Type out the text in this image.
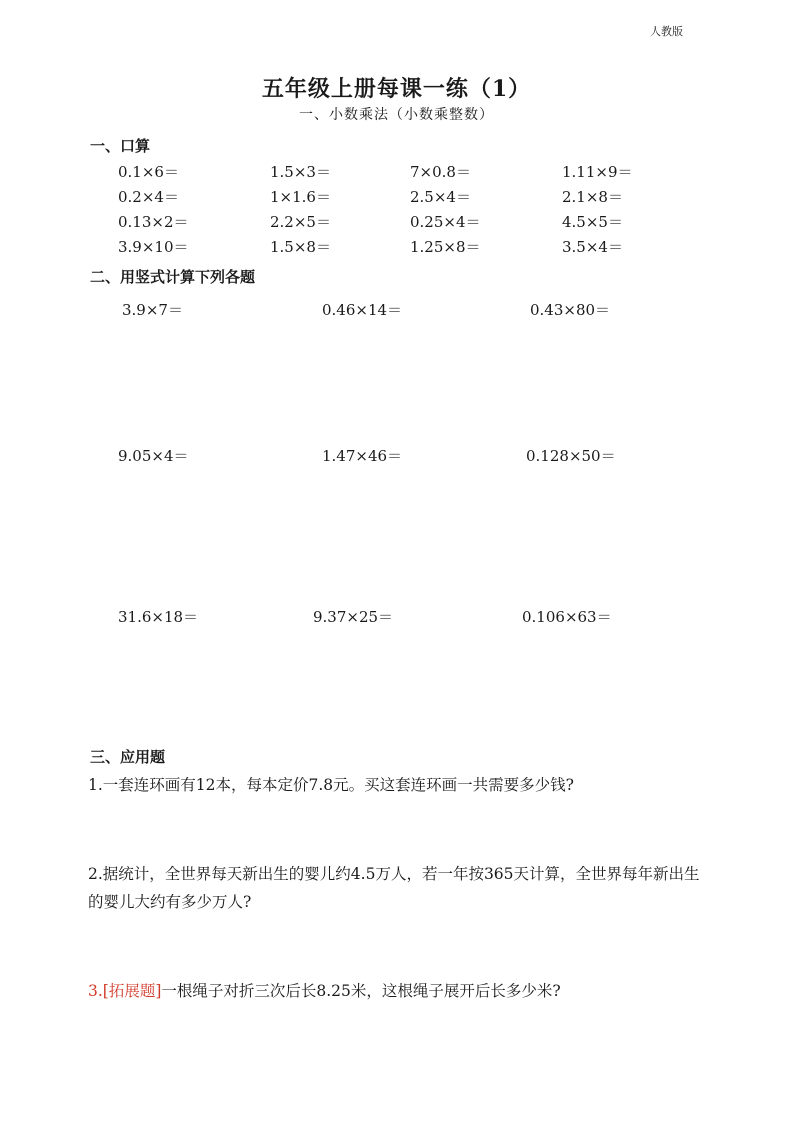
人教版
五年级上册每课一练（1）
一、小数乘法（小数乘整数）
一、口算
0.1×6＝	1.5×3＝	7×0.8＝	1.11×9＝
0.2×4＝	1×1.6＝	2.5×4＝	2.1×8＝
0.13×2＝	2.2×5＝	0.25×4＝	4.5×5＝
3.9×10＝	1.5×8＝	1.25×8＝	3.5×4＝
二、用竖式计算下列各题
3.9×7＝	0.46×14＝	0.43×80＝
9.05×4＝	1.47×46＝	0.128×50＝
31.6×18＝	9.37×25＝	0.106×63＝
三、应用题
1.一套连环画有12本，每本定价7.8元。买这套连环画一共需要多少钱?
2.据统计，全世界每天新出生的婴儿约4.5万人，若一年按365天计算，全世界每年新出生的婴儿大约有多少万人?
3.[拓展题]一根绳子对折三次后长8.25米，这根绳子展开后长多少米?
